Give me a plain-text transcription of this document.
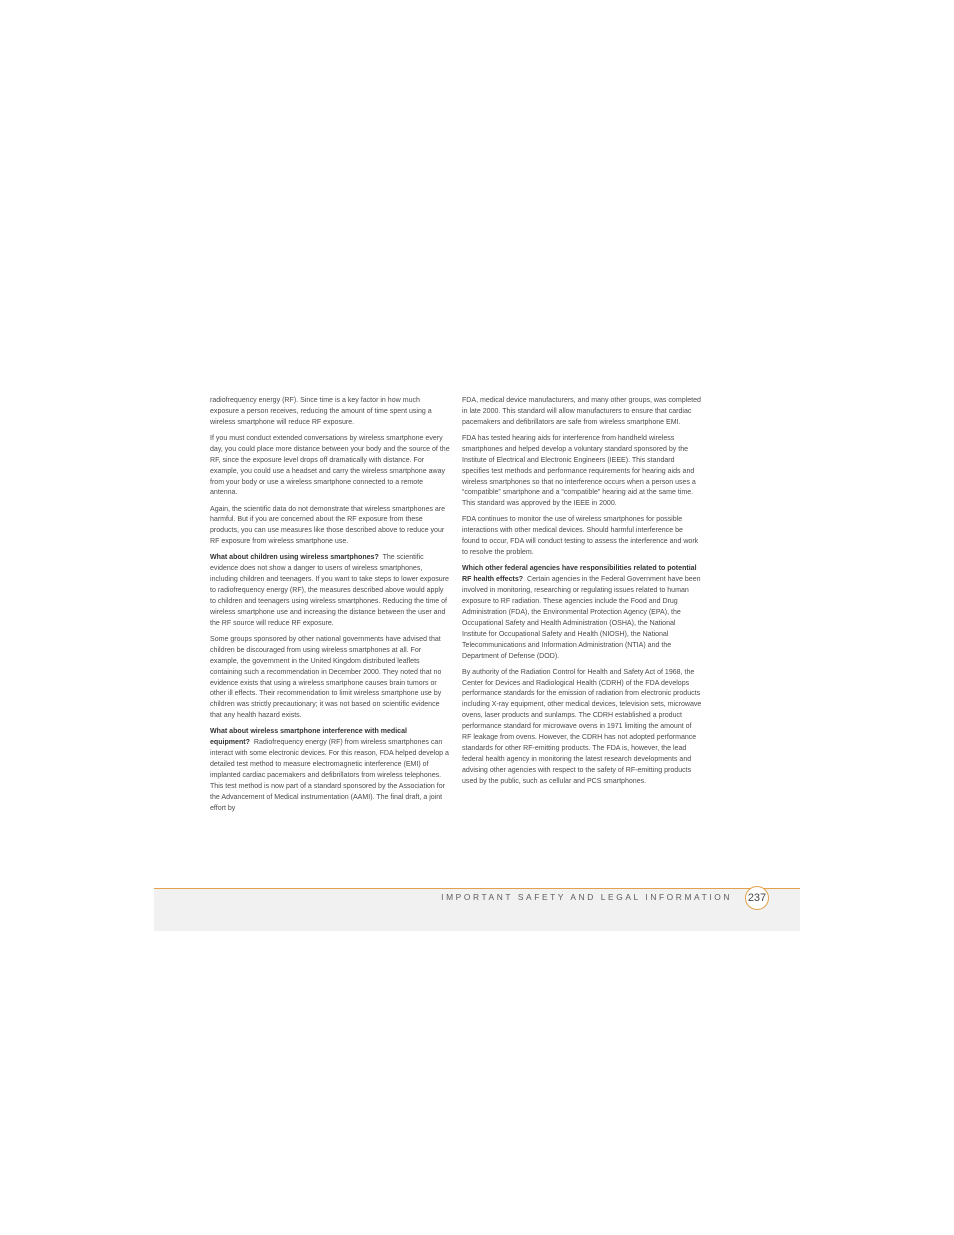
radiofrequency energy (RF). Since time is a key factor in how much exposure a person receives, reducing the amount of time spent using a wireless smartphone will reduce RF exposure.

If you must conduct extended conversations by wireless smartphone every day, you could place more distance between your body and the source of the RF, since the exposure level drops off dramatically with distance. For example, you could use a headset and carry the wireless smartphone away from your body or use a wireless smartphone connected to a remote antenna.

Again, the scientific data do not demonstrate that wireless smartphones are harmful. But if you are concerned about the RF exposure from these products, you can use measures like those described above to reduce your RF exposure from wireless smartphone use.

What about children using wireless smartphones? The scientific evidence does not show a danger to users of wireless smartphones, including children and teenagers. If you want to take steps to lower exposure to radiofrequency energy (RF), the measures described above would apply to children and teenagers using wireless smartphones. Reducing the time of wireless smartphone use and increasing the distance between the user and the RF source will reduce RF exposure.

Some groups sponsored by other national governments have advised that children be discouraged from using wireless smartphones at all. For example, the government in the United Kingdom distributed leaflets containing such a recommendation in December 2000. They noted that no evidence exists that using a wireless smartphone causes brain tumors or other ill effects. Their recommendation to limit wireless smartphone use by children was strictly precautionary; it was not based on scientific evidence that any health hazard exists.

What about wireless smartphone interference with medical equipment? Radiofrequency energy (RF) from wireless smartphones can interact with some electronic devices. For this reason, FDA helped develop a detailed test method to measure electromagnetic interference (EMI) of implanted cardiac pacemakers and defibrillators from wireless telephones. This test method is now part of a standard sponsored by the Association for the Advancement of Medical instrumentation (AAMI). The final draft, a joint effort by

FDA, medical device manufacturers, and many other groups, was completed in late 2000. This standard will allow manufacturers to ensure that cardiac pacemakers and defibrillators are safe from wireless smartphone EMI.

FDA has tested hearing aids for interference from handheld wireless smartphones and helped develop a voluntary standard sponsored by the Institute of Electrical and Electronic Engineers (IEEE). This standard specifies test methods and performance requirements for hearing aids and wireless smartphones so that no interference occurs when a person uses a “compatible” smartphone and a “compatible” hearing aid at the same time. This standard was approved by the IEEE in 2000.

FDA continues to monitor the use of wireless smartphones for possible interactions with other medical devices. Should harmful interference be found to occur, FDA will conduct testing to assess the interference and work to resolve the problem.

Which other federal agencies have responsibilities related to potential RF health effects? Certain agencies in the Federal Government have been involved in monitoring, researching or regulating issues related to human exposure to RF radiation. These agencies include the Food and Drug Administration (FDA), the Environmental Protection Agency (EPA), the Occupational Safety and Health Administration (OSHA), the National Institute for Occupational Safety and Health (NIOSH), the National Telecommunications and Information Administration (NTIA) and the Department of Defense (DOD).

By authority of the Radiation Control for Health and Safety Act of 1968, the Center for Devices and Radiological Health (CDRH) of the FDA develops performance standards for the emission of radiation from electronic products including X-ray equipment, other medical devices, television sets, microwave ovens, laser products and sunlamps. The CDRH established a product performance standard for microwave ovens in 1971 limiting the amount of RF leakage from ovens. However, the CDRH has not adopted performance standards for other RF-emitting products. The FDA is, however, the lead federal health agency in monitoring the latest research developments and advising other agencies with respect to the safety of RF-emitting products used by the public, such as cellular and PCS smartphones.

IMPORTANT SAFETY AND LEGAL INFORMATION 237
